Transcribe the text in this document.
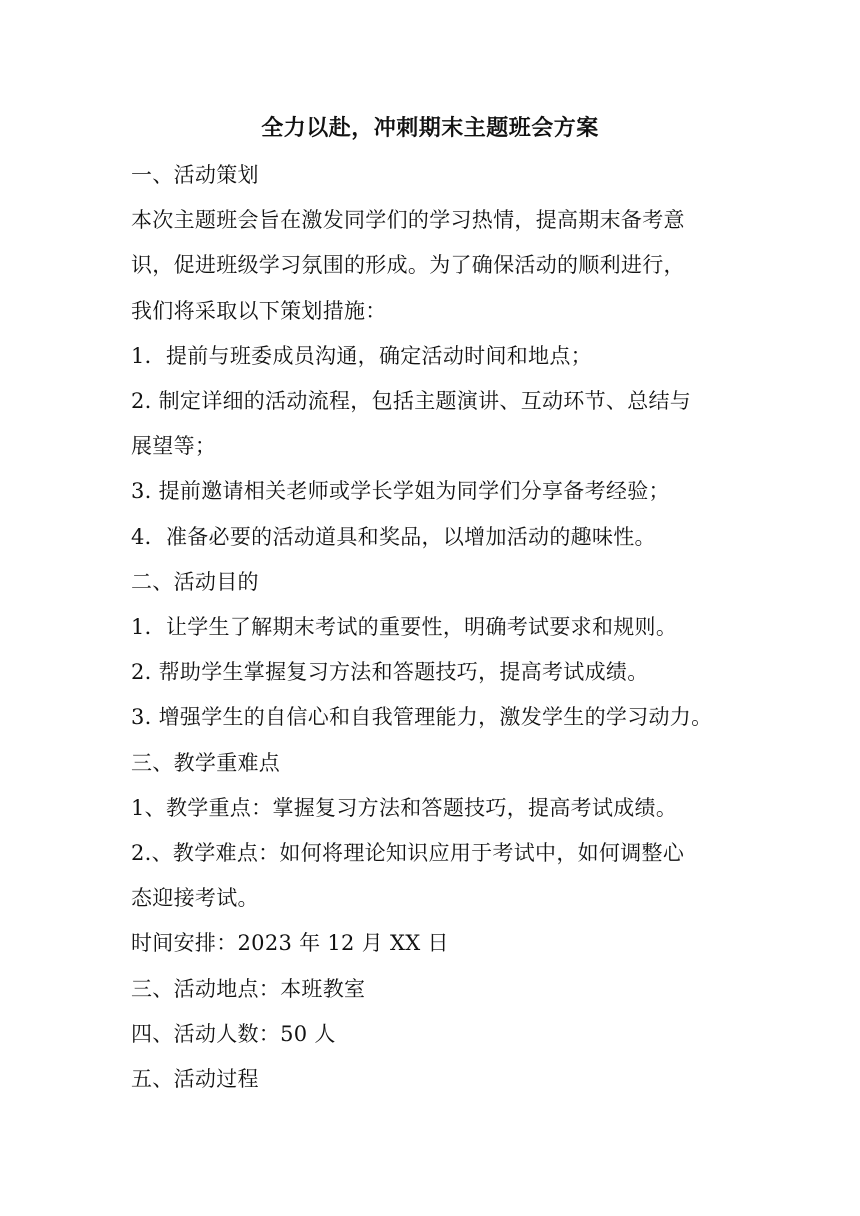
全力以赴，冲刺期末主题班会方案
一、活动策划
本次主题班会旨在激发同学们的学习热情，提高期末备考意
识，促进班级学习氛围的形成。为了确保活动的顺利进行，
我们将采取以下策划措施：
1．提前与班委成员沟通，确定活动时间和地点；
2. 制定详细的活动流程，包括主题演讲、互动环节、总结与
展望等；
3. 提前邀请相关老师或学长学姐为同学们分享备考经验；
4．准备必要的活动道具和奖品，以增加活动的趣味性。
二、活动目的
1．让学生了解期末考试的重要性，明确考试要求和规则。
2. 帮助学生掌握复习方法和答题技巧，提高考试成绩。
3. 增强学生的自信心和自我管理能力，激发学生的学习动力。
三、教学重难点
1、教学重点：掌握复习方法和答题技巧，提高考试成绩。
2.、教学难点：如何将理论知识应用于考试中，如何调整心
态迎接考试。
时间安排：2023 年 12 月 XX 日
三、活动地点：本班教室
四、活动人数：50 人
五、活动过程
